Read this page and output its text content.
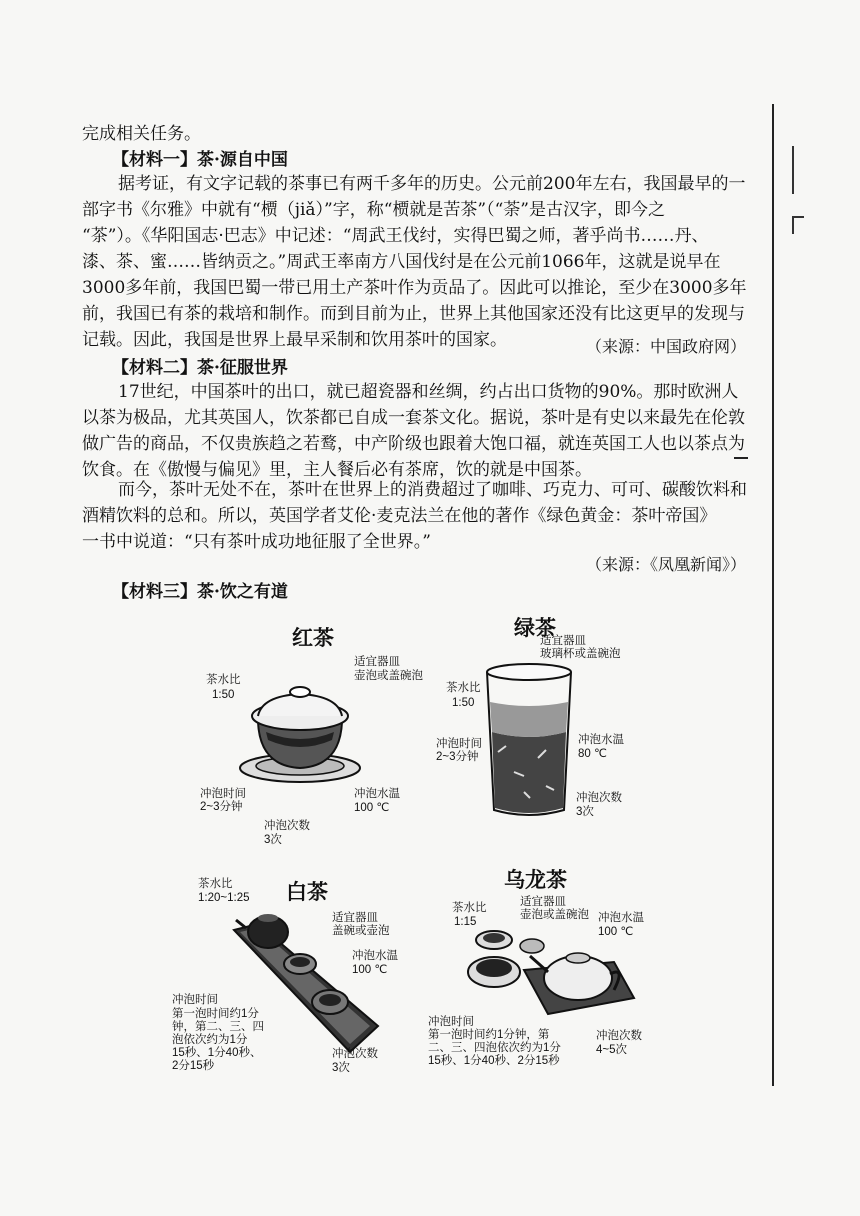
完成相关任务。
【材料一】茶·源自中国
据考证，有文字记载的茶事已有两千多年的历史。公元前200年左右，我国最早的一
部字书《尔雅》中就有“槚（jiǎ）”字，称“槚就是苦茶”（“荼”是古汉字，即今之
“茶”）。《华阳国志·巴志》中记述：“周武王伐纣，实得巴蜀之师，著乎尚书……丹、
漆、茶、蜜……皆纳贡之。”周武王率南方八国伐纣是在公元前1066年，这就是说早在
3000多年前，我国巴蜀一带已用土产茶叶作为贡品了。因此可以推论，至少在3000多年
前，我国已有茶的栽培和制作。而到目前为止，世界上其他国家还没有比这更早的发现与
记载。因此，我国是世界上最早采制和饮用茶叶的国家。	（来源：中国政府网）
【材料二】茶·征服世界
17世纪，中国茶叶的出口，就已超瓷器和丝绸，约占出口货物的90%。那时欧洲人
以茶为极品，尤其英国人，饮茶都已自成一套茶文化。据说，茶叶是有史以来最先在伦敦
做广告的商品，不仅贵族趋之若鹜，中产阶级也跟着大饱口福，就连英国工人也以茶点为
饮食。在《傲慢与偏见》里，主人餐后必有茶席，饮的就是中国茶。
而今，茶叶无处不在，茶叶在世界上的消费超过了咖啡、巧克力、可可、碳酸饮料和
酒精饮料的总和。所以，英国学者艾伦·麦克法兰在他的著作《绿色黄金：茶叶帝国》
一书中说道：“只有茶叶成功地征服了全世界。”
（来源：《凤凰新闻》）
【材料三】茶·饮之有道
红茶
茶水比
1:50
适宜器皿
壶泡或盖碗泡
冲泡时间
2~3分钟
冲泡水温
100 ℃
冲泡次数
3次
绿茶
适宜器皿
玻璃杯或盖碗泡
茶水比
1:50
冲泡时间
2~3分钟
冲泡水温
80 ℃
冲泡次数
3次
白茶
茶水比
1:20~1:25
适宜器皿
盖碗或壶泡
冲泡水温
100 ℃
冲泡时间
第一泡时间约1分
钟，第二、三、四
泡依次约为1分
15秒、1分40秒、
2分15秒
冲泡次数
3次
乌龙茶
茶水比
1:15
适宜器皿
壶泡或盖碗泡 冲泡水温
100 ℃
冲泡时间
第一泡时间约1分钟，第
二、三、四泡依次约为1分
15秒、1分40秒、2分15秒
冲泡次数
4~5次
